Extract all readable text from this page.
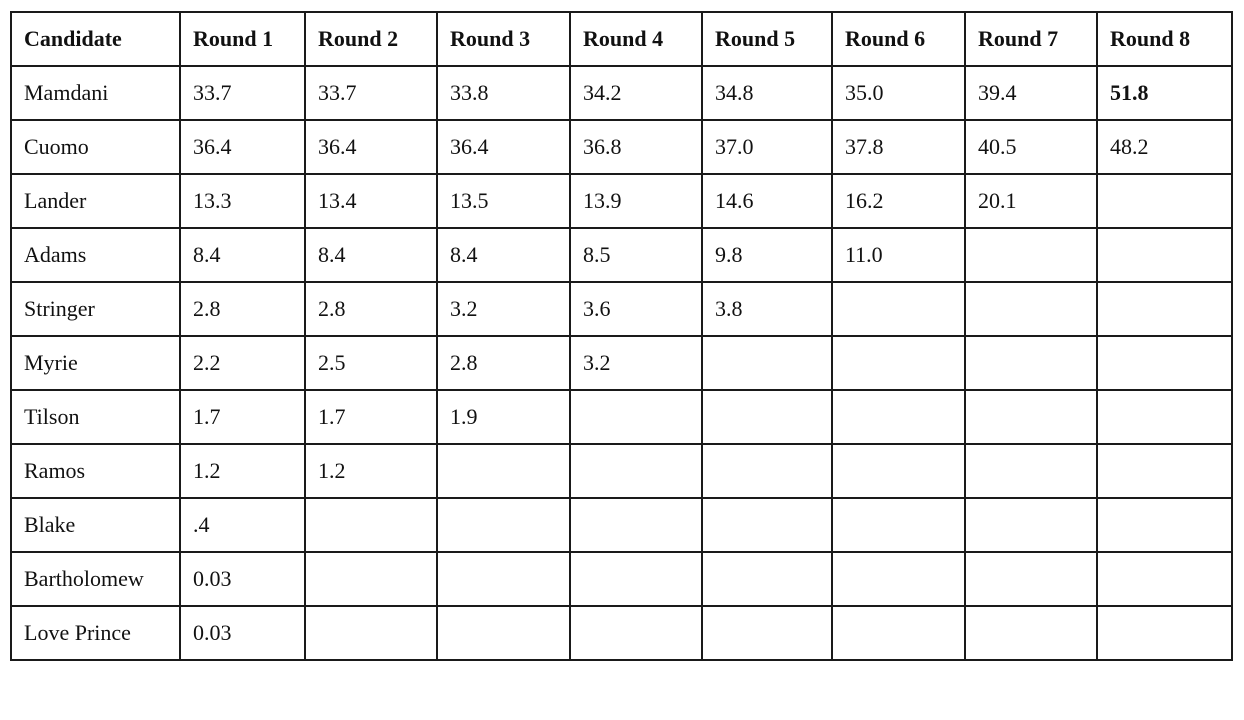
Candidate	Round 1	Round 2	Round 3	Round 4	Round 5	Round 6	Round 7	Round 8
Mamdani	33.7	33.7	33.8	34.2	34.8	35.0	39.4	51.8
Cuomo	36.4	36.4	36.4	36.8	37.0	37.8	40.5	48.2
Lander	13.3	13.4	13.5	13.9	14.6	16.2	20.1	
Adams	8.4	8.4	8.4	8.5	9.8	11.0		
Stringer	2.8	2.8	3.2	3.6	3.8			
Myrie	2.2	2.5	2.8	3.2				
Tilson	1.7	1.7	1.9					
Ramos	1.2	1.2						
Blake	.4							
Bartholomew	0.03							
Love Prince	0.03							
